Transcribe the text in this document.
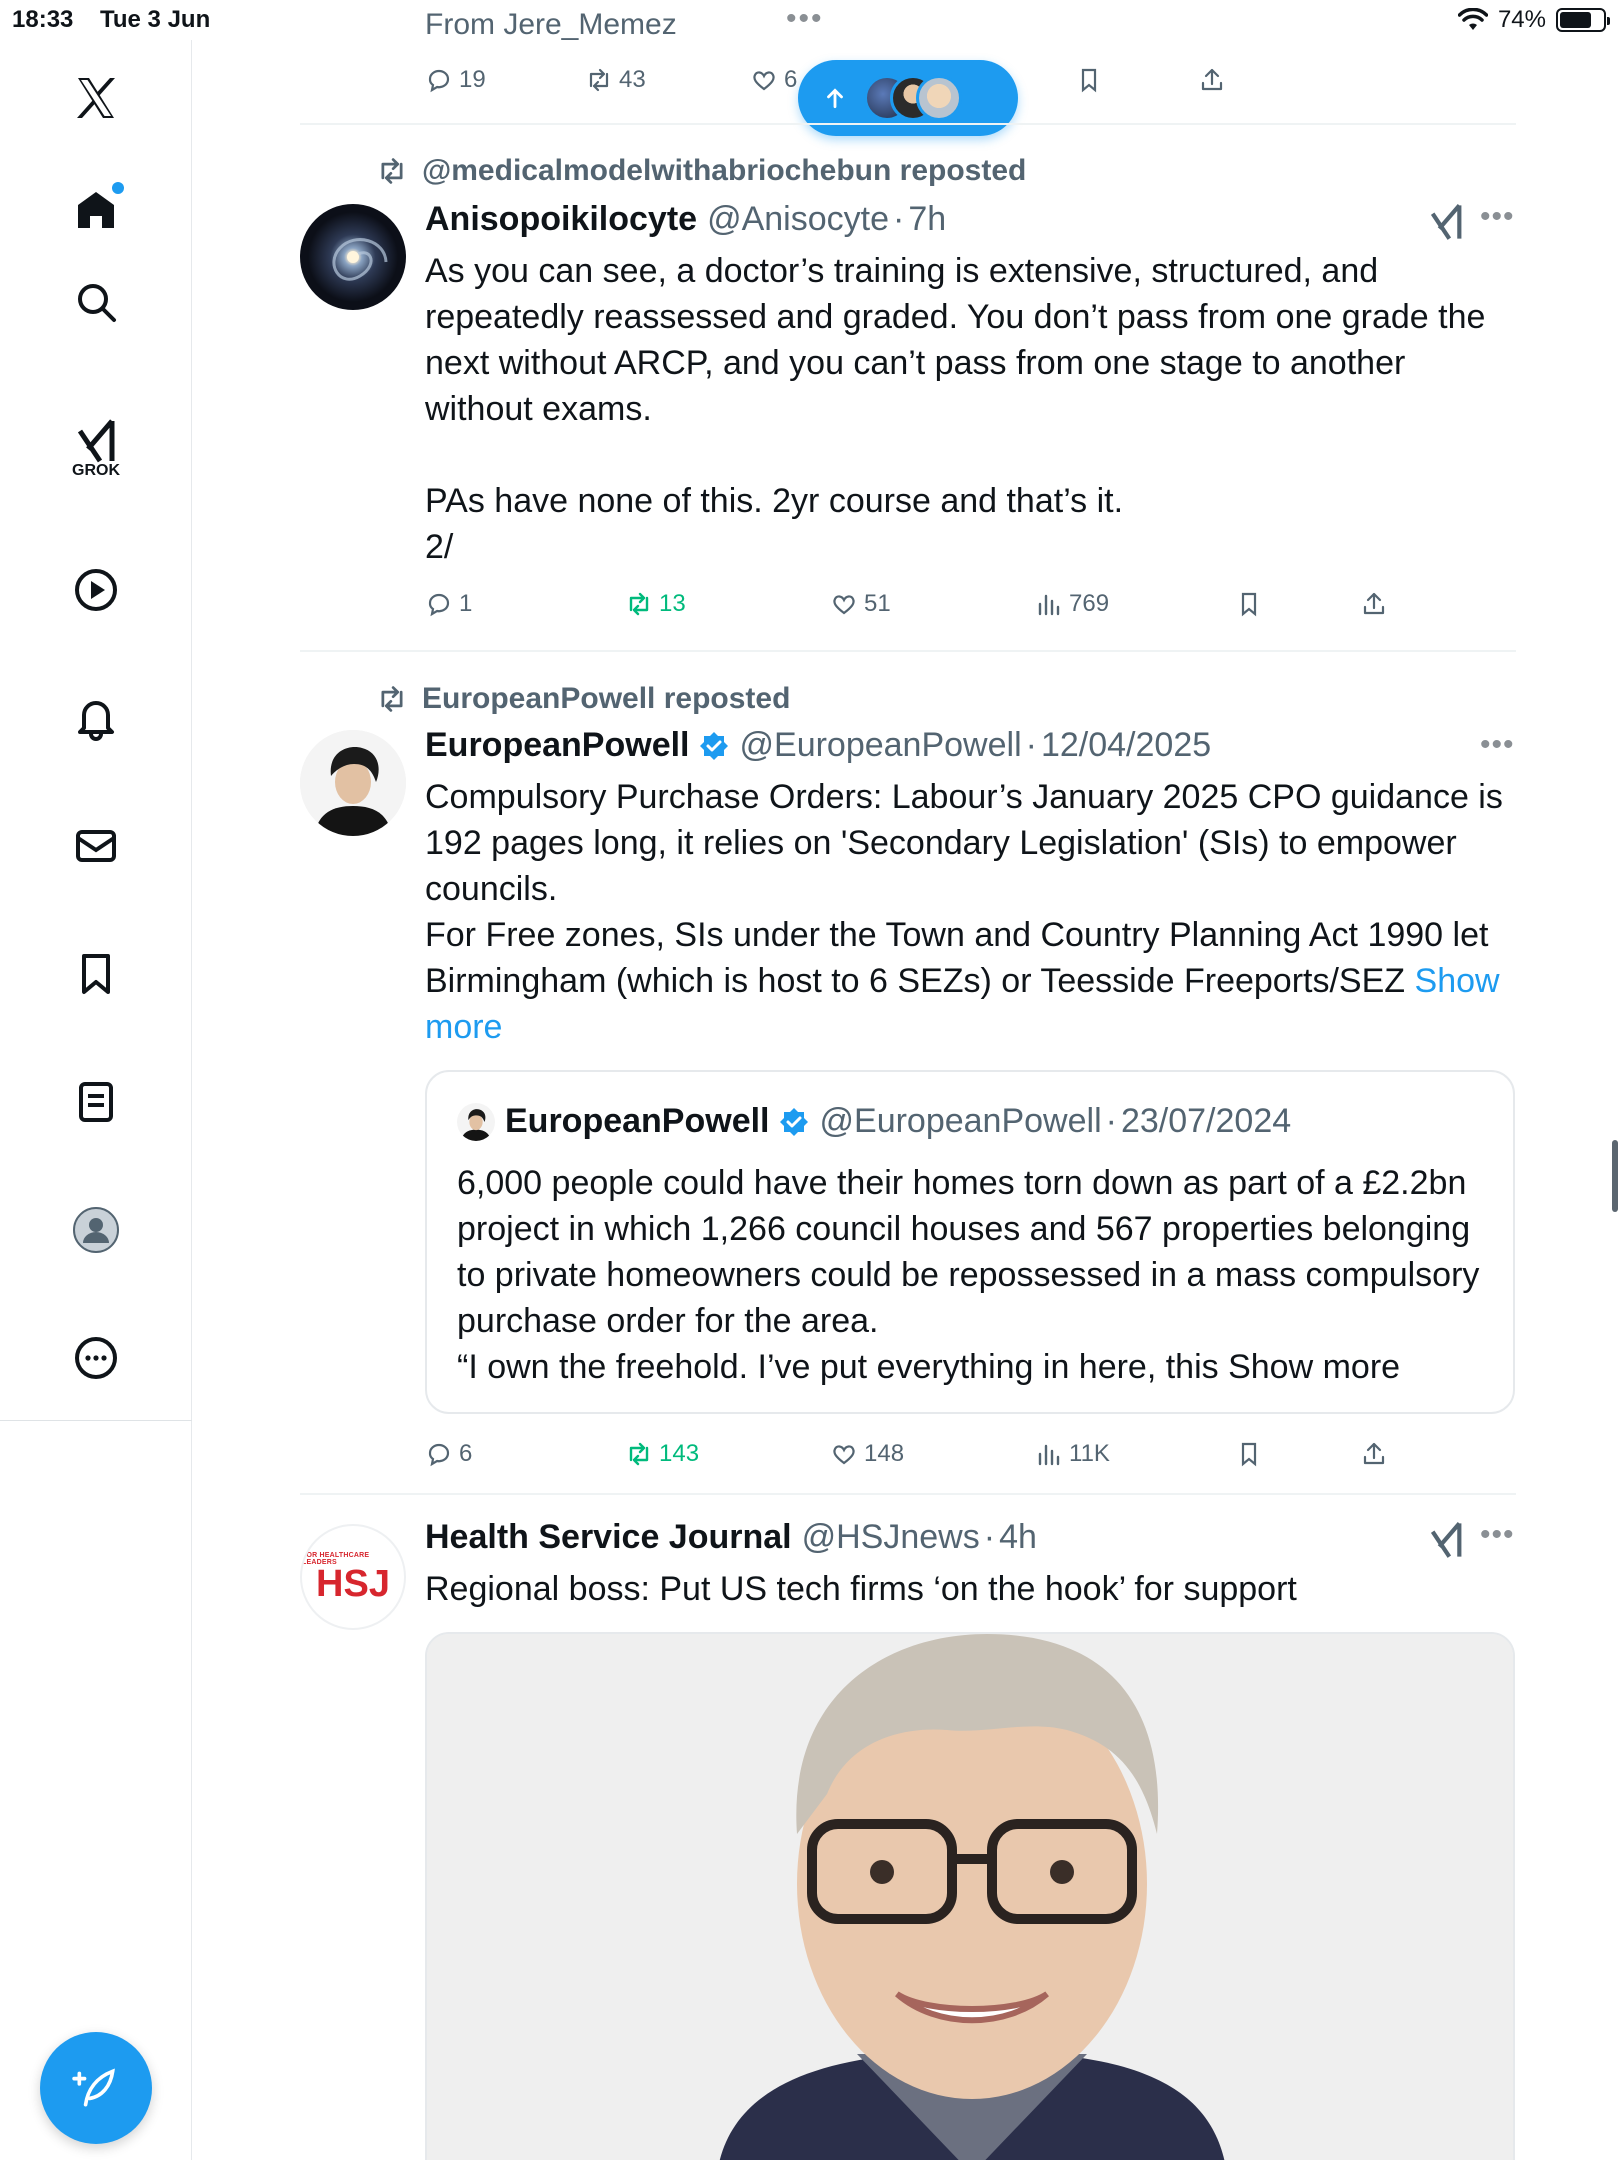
18:33 Tue 3 Jun	•••	74%
GROK
From Jere_Memez
19	43	6
@medicalmodelwithabriochebun reposted
Anisopoikilocyte @Anisocyte · 7h	•••
As you can see, a doctor’s training is extensive, structured, and repeatedly reassessed and graded. You don’t pass from one grade the next without ARCP, and you can’t pass from one stage to another without exams.

PAs have none of this. 2yr course and that’s it.
2/
1	13	51	769
EuropeanPowell reposted
EuropeanPowell @EuropeanPowell · 12/04/2025	•••
Compulsory Purchase Orders: Labour’s January 2025 CPO guidance is 192 pages long, it relies on 'Secondary Legislation' (SIs) to empower councils.
For Free zones, SIs under the Town and Country Planning Act 1990 let Birmingham (which is host to 6 SEZs) or Teesside Freeports/SEZ Show more
EuropeanPowell @EuropeanPowell · 23/07/2024
6,000 people could have their homes torn down as part of a £2.2bn project in which 1,266 council houses and 567 properties belonging to private homeowners could be repossessed in a mass compulsory purchase order for the area.
“I own the freehold. I’ve put everything in here, this Show more
6	143	148	11K
FOR HEALTHCARE LEADERS
HSJ
Health Service Journal @HSJnews · 4h	•••
Regional boss: Put US tech firms ‘on the hook’ for support
